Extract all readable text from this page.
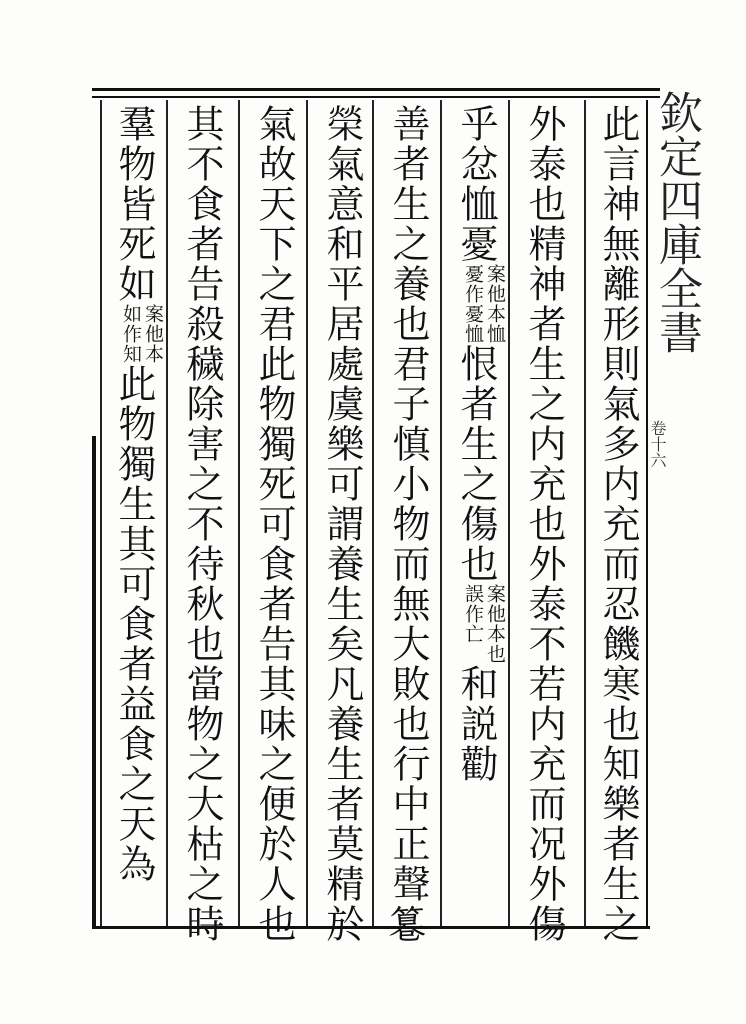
欽定四庫全書
卷十六
此言神無離形則氣多内充而忍饑寒也知樂者生之
外泰也精神者生之内充也外泰不若内充而况外傷
乎忿恤憂
案他本恤
憂作憂恤
恨者生之傷也
案他本也
誤作亡
和説勸
善者生之養也君子慎小物而無大敗也行中正聲𥲻
榮氣意和平居處虞樂可謂養生矣凡養生者莫精於
氣故天下之君此物獨死可食者告其味之便於人也
其不食者告殺穢除害之不待秋也當物之大枯之時
羣物皆死如
案他本
如作知
此物獨生其可食者益食之天為
